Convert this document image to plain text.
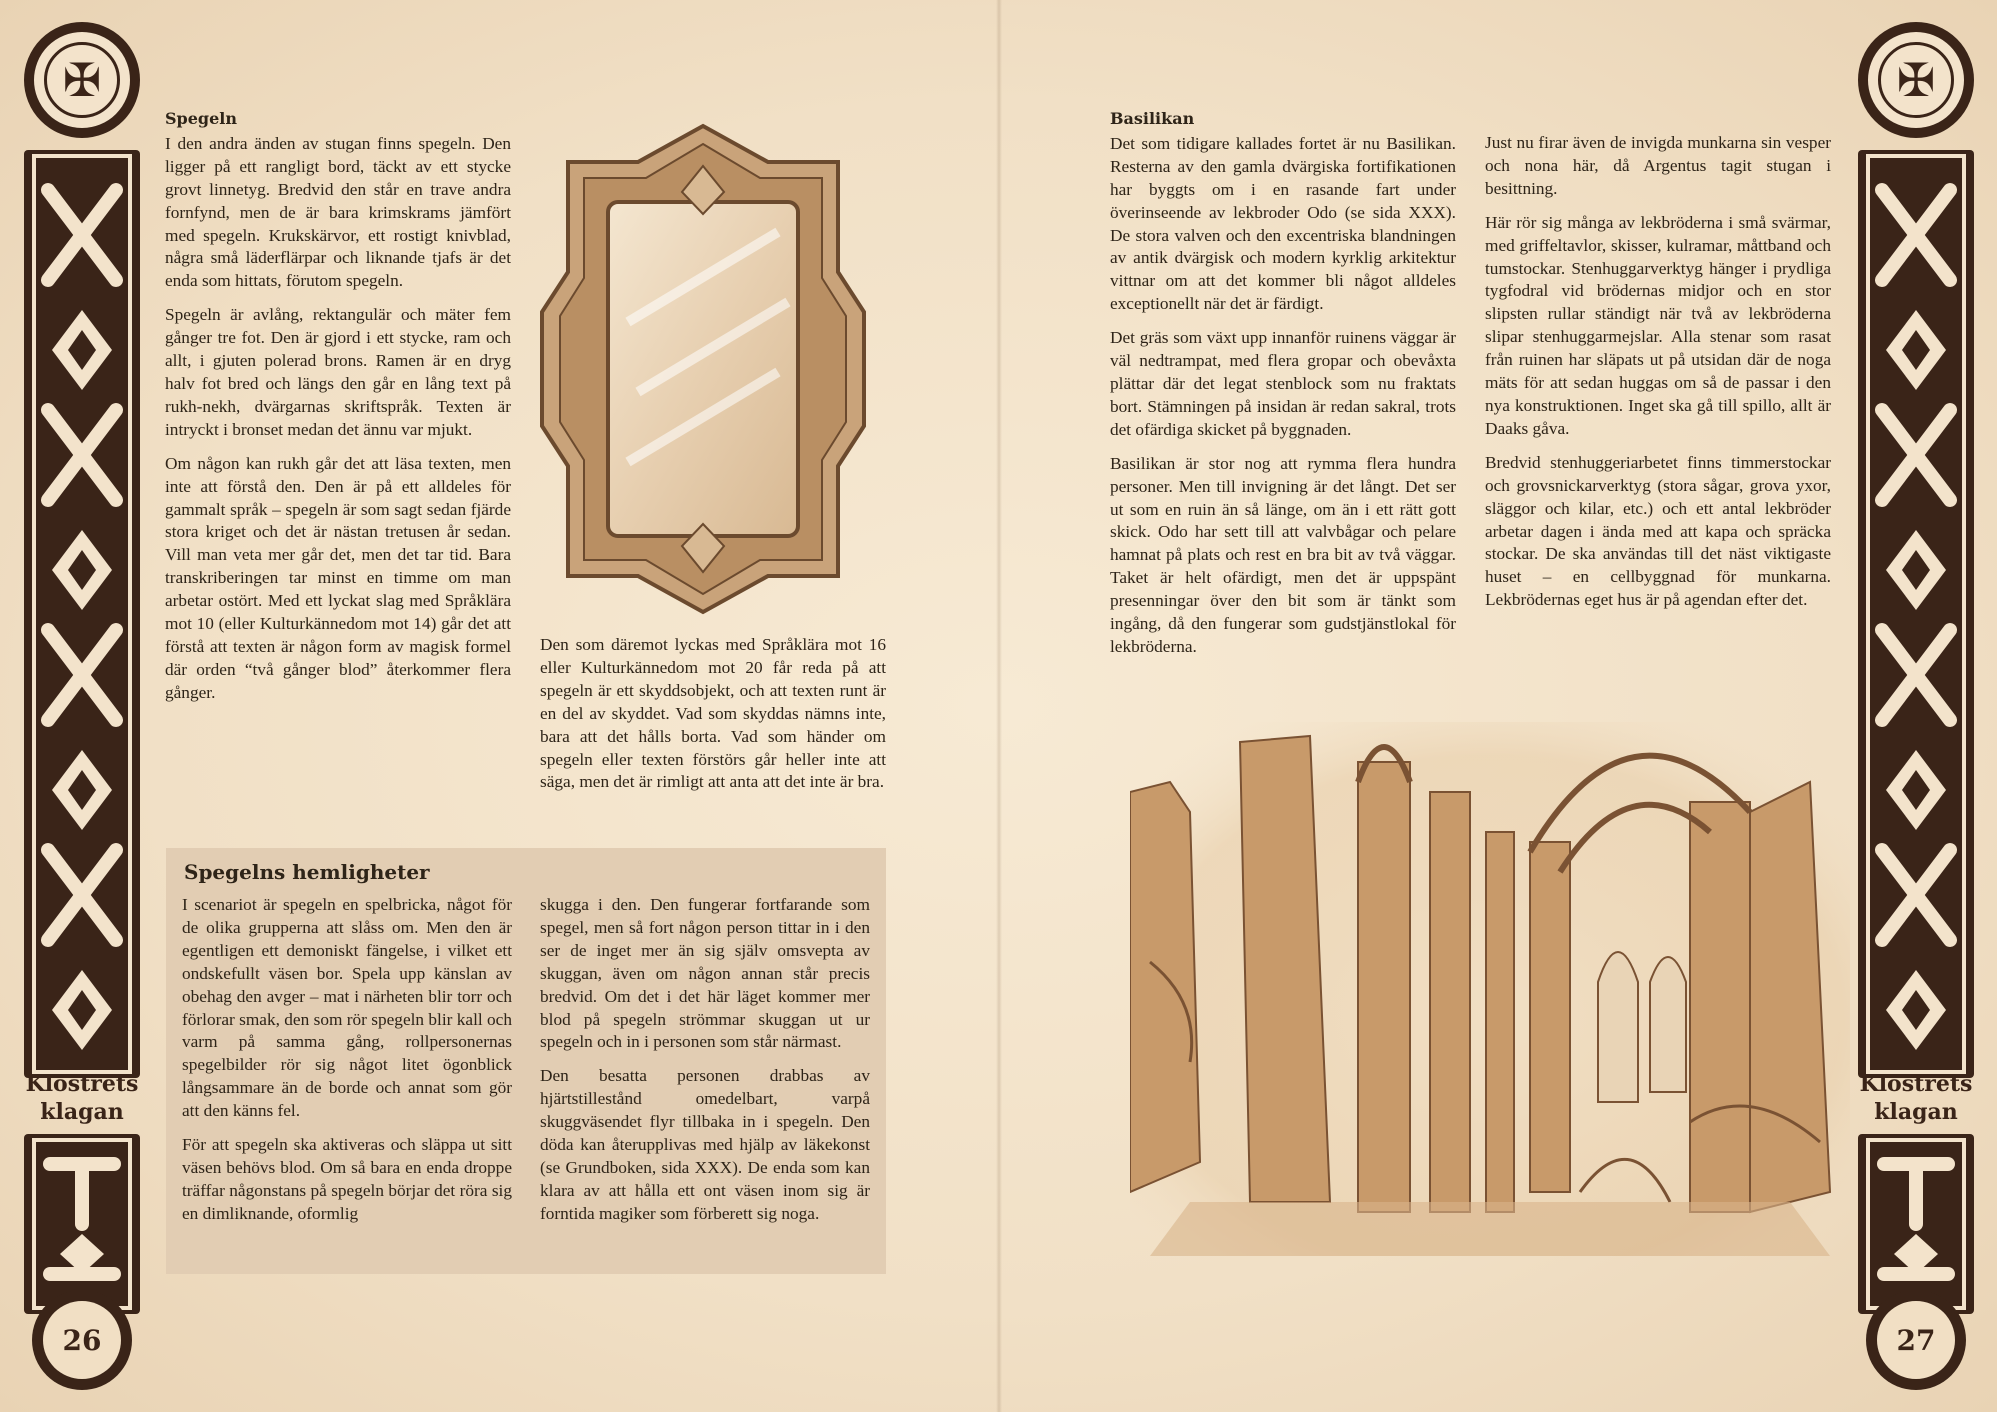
✠
Klostrets klagan
26
✠
Klostrets klagan
27
Spegeln

I den andra änden av stugan finns spegeln. Den ligger på ett rangligt bord, täckt av ett stycke grovt linnetyg. Bredvid den står en trave andra fornfynd, men de är bara krimskrams jämfört med spegeln. Krukskärvor, ett rostigt knivblad, några små läderflärpar och liknande tjafs är det enda som hittats, förutom spegeln.

Spegeln är avlång, rektangulär och mäter fem gånger tre fot. Den är gjord i ett stycke, ram och allt, i gjuten polerad brons. Ramen är en dryg halv fot bred och längs den går en lång text på rukh-nekh, dvärgarnas skriftspråk. Texten är intryckt i bronset medan det ännu var mjukt.

Om någon kan rukh går det att läsa texten, men inte att förstå den. Den är på ett alldeles för gammalt språk – spegeln är som sagt sedan fjärde stora kriget och det är nästan tretusen år sedan. Vill man veta mer går det, men det tar tid. Bara transkriberingen tar minst en timme om man arbetar ostört. Med ett lyckat slag med Språklära mot 10 (eller Kulturkännedom mot 14) går det att förstå att texten är någon form av magisk formel där orden “två gånger blod” återkommer flera gånger.

Den som däremot lyckas med Språklära mot 16 eller Kulturkännedom mot 20 får reda på att spegeln är ett skyddsobjekt, och att texten runt är en del av skyddet. Vad som skyddas nämns inte, bara att det hålls borta. Vad som händer om spegeln eller texten förstörs går heller inte att säga, men det är rimligt att anta att det inte är bra.

Spegelns hemligheter

I scenariot är spegeln en spelbricka, något för de olika grupperna att slåss om. Men den är egentligen ett demoniskt fängelse, i vilket ett ondskefullt väsen bor. Spela upp känslan av obehag den avger – mat i närheten blir torr och förlorar smak, den som rör spegeln blir kall och varm på samma gång, rollpersonernas spegelbilder rör sig något litet ögonblick långsammare än de borde och annat som gör att den känns fel.

För att spegeln ska aktiveras och släppa ut sitt väsen behövs blod. Om så bara en enda droppe träffar någonstans på spegeln börjar det röra sig en dimliknande, oformlig

skugga i den. Den fungerar fortfarande som spegel, men så fort någon person tittar in i den ser de inget mer än sig själv omsvepta av skuggan, även om någon annan står precis bredvid. Om det i det här läget kommer mer blod på spegeln strömmar skuggan ut ur spegeln och in i personen som står närmast.

Den besatta personen drabbas av hjärtstillestånd omedelbart, varpå skuggväsendet flyr tillbaka in i spegeln. Den döda kan återupplivas med hjälp av läkekonst (se Grundboken, sida XXX). De enda som kan klara av att hålla ett ont väsen inom sig är forntida magiker som förberett sig noga.

Basilikan

Det som tidigare kallades fortet är nu Basilikan. Resterna av den gamla dvärgiska fortifikationen har byggts om i en rasande fart under överinseende av lekbroder Odo (se sida XXX). De stora valven och den excentriska blandningen av antik dvärgisk och modern kyrklig arkitektur vittnar om att det kommer bli något alldeles exceptionellt när det är färdigt.

Det gräs som växt upp innanför ruinens väggar är väl nedtrampat, med flera gropar och obevåxta plättar där det legat stenblock som nu fraktats bort. Stämningen på insidan är redan sakral, trots det ofärdiga skicket på byggnaden.

Basilikan är stor nog att rymma flera hundra personer. Men till invigning är det långt. Det ser ut som en ruin än så länge, om än i ett rätt gott skick. Odo har sett till att valvbågar och pelare hamnat på plats och rest en bra bit av två väggar. Taket är helt ofärdigt, men det är uppspänt presenningar över den bit som är tänkt som ingång, då den fungerar som gudstjänstlokal för lekbröderna.

Just nu firar även de invigda munkarna sin vesper och nona här, då Argentus tagit stugan i besittning.

Här rör sig många av lekbröderna i små svärmar, med griffeltavlor, skisser, kulramar, måttband och tumstockar. Stenhuggarverktyg hänger i prydliga tygfodral vid brödernas midjor och en stor slipsten rullar ständigt när två av lekbröderna slipar stenhuggarmejslar. Alla stenar som rasat från ruinen har släpats ut på utsidan där de noga mäts för att sedan huggas om så de passar i den nya konstruktionen. Inget ska gå till spillo, allt är Daaks gåva.

Bredvid stenhuggeriarbetet finns timmerstockar och grovsnickarverktyg (stora sågar, grova yxor, släggor och kilar, etc.) och ett antal lekbröder arbetar dagen i ända med att kapa och spräcka stockar. De ska användas till det näst viktigaste huset – en cellbyggnad för munkarna. Lekbrödernas eget hus är på agendan efter det.
